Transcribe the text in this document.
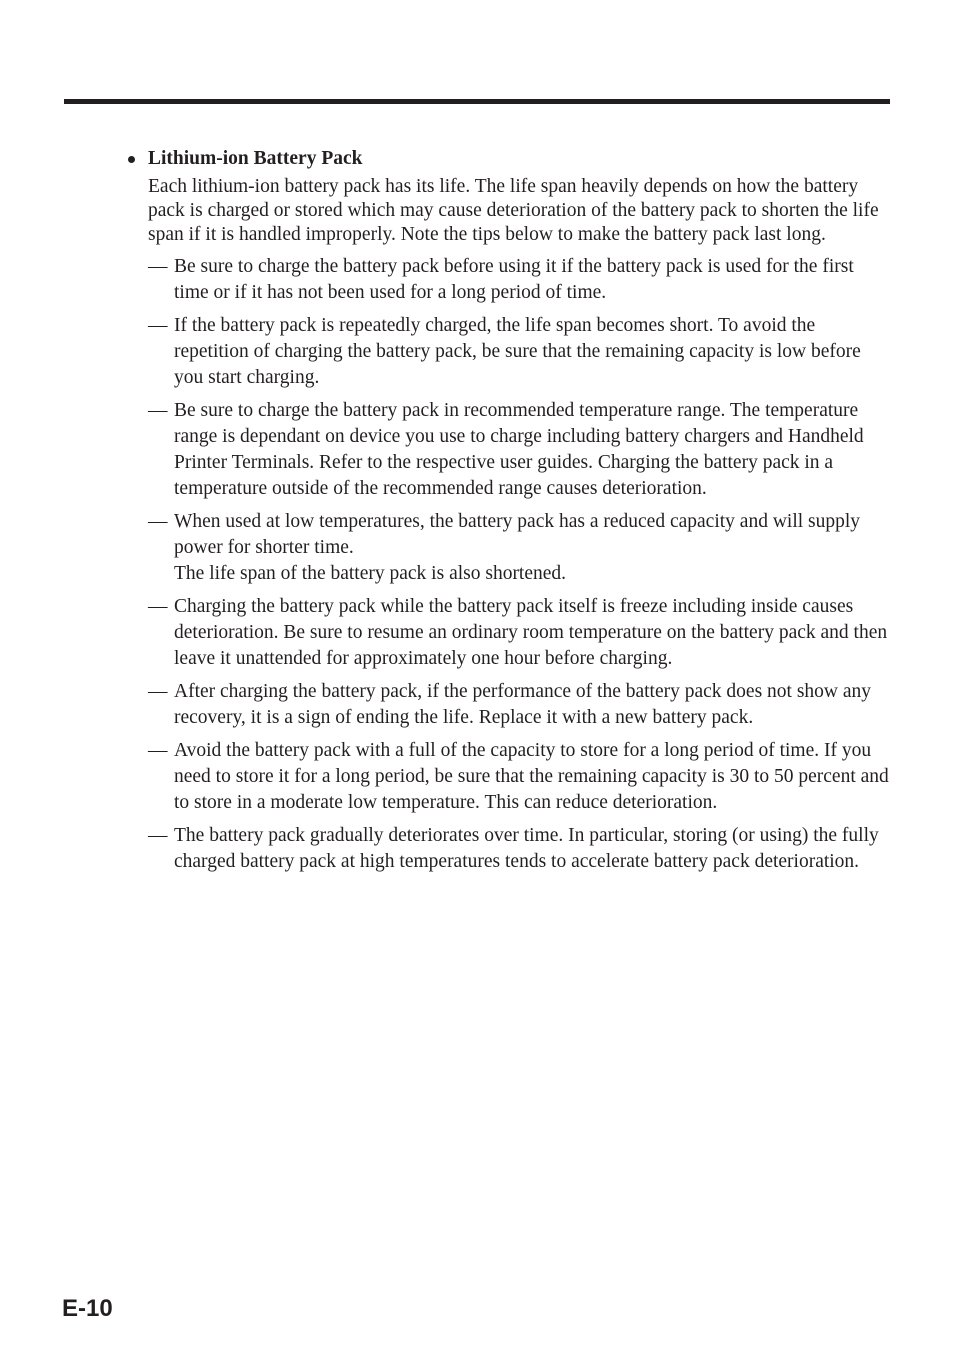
Lithium-ion Battery Pack

Each lithium-ion battery pack has its life. The life span heavily depends on how the battery pack is charged or stored which may cause deterioration of the battery pack to shorten the life span if it is handled improperly. Note the tips below to make the battery pack last long.

— Be sure to charge the battery pack before using it if the battery pack is used for the first time or if it has not been used for a long period of time.
— If the battery pack is repeatedly charged, the life span becomes short. To avoid the repetition of charging the battery pack, be sure that the remaining capacity is low before you start charging.
— Be sure to charge the battery pack in recommended temperature range. The temperature range is dependant on device you use to charge including battery chargers and Handheld Printer Terminals. Refer to the respective user guides. Charging the battery pack in a temperature outside of the recommended range causes deterioration.
— When used at low temperatures, the battery pack has a reduced capacity and will supply power for shorter time.
The life span of the battery pack is also shortened.
— Charging the battery pack while the battery pack itself is freeze including inside causes deterioration. Be sure to resume an ordinary room temperature on the battery pack and then leave it unattended for approximately one hour before charging.
— After charging the battery pack, if the performance of the battery pack does not show any recovery, it is a sign of ending the life. Replace it with a new battery pack.
— Avoid the battery pack with a full of the capacity to store for a long period of time. If you need to store it for a long period, be sure that the remaining capacity is 30 to 50 percent and to store in a moderate low temperature. This can reduce deterioration.
— The battery pack gradually deteriorates over time. In particular, storing (or using) the fully charged battery pack at high temperatures tends to accelerate battery pack deterioration.
E-10
